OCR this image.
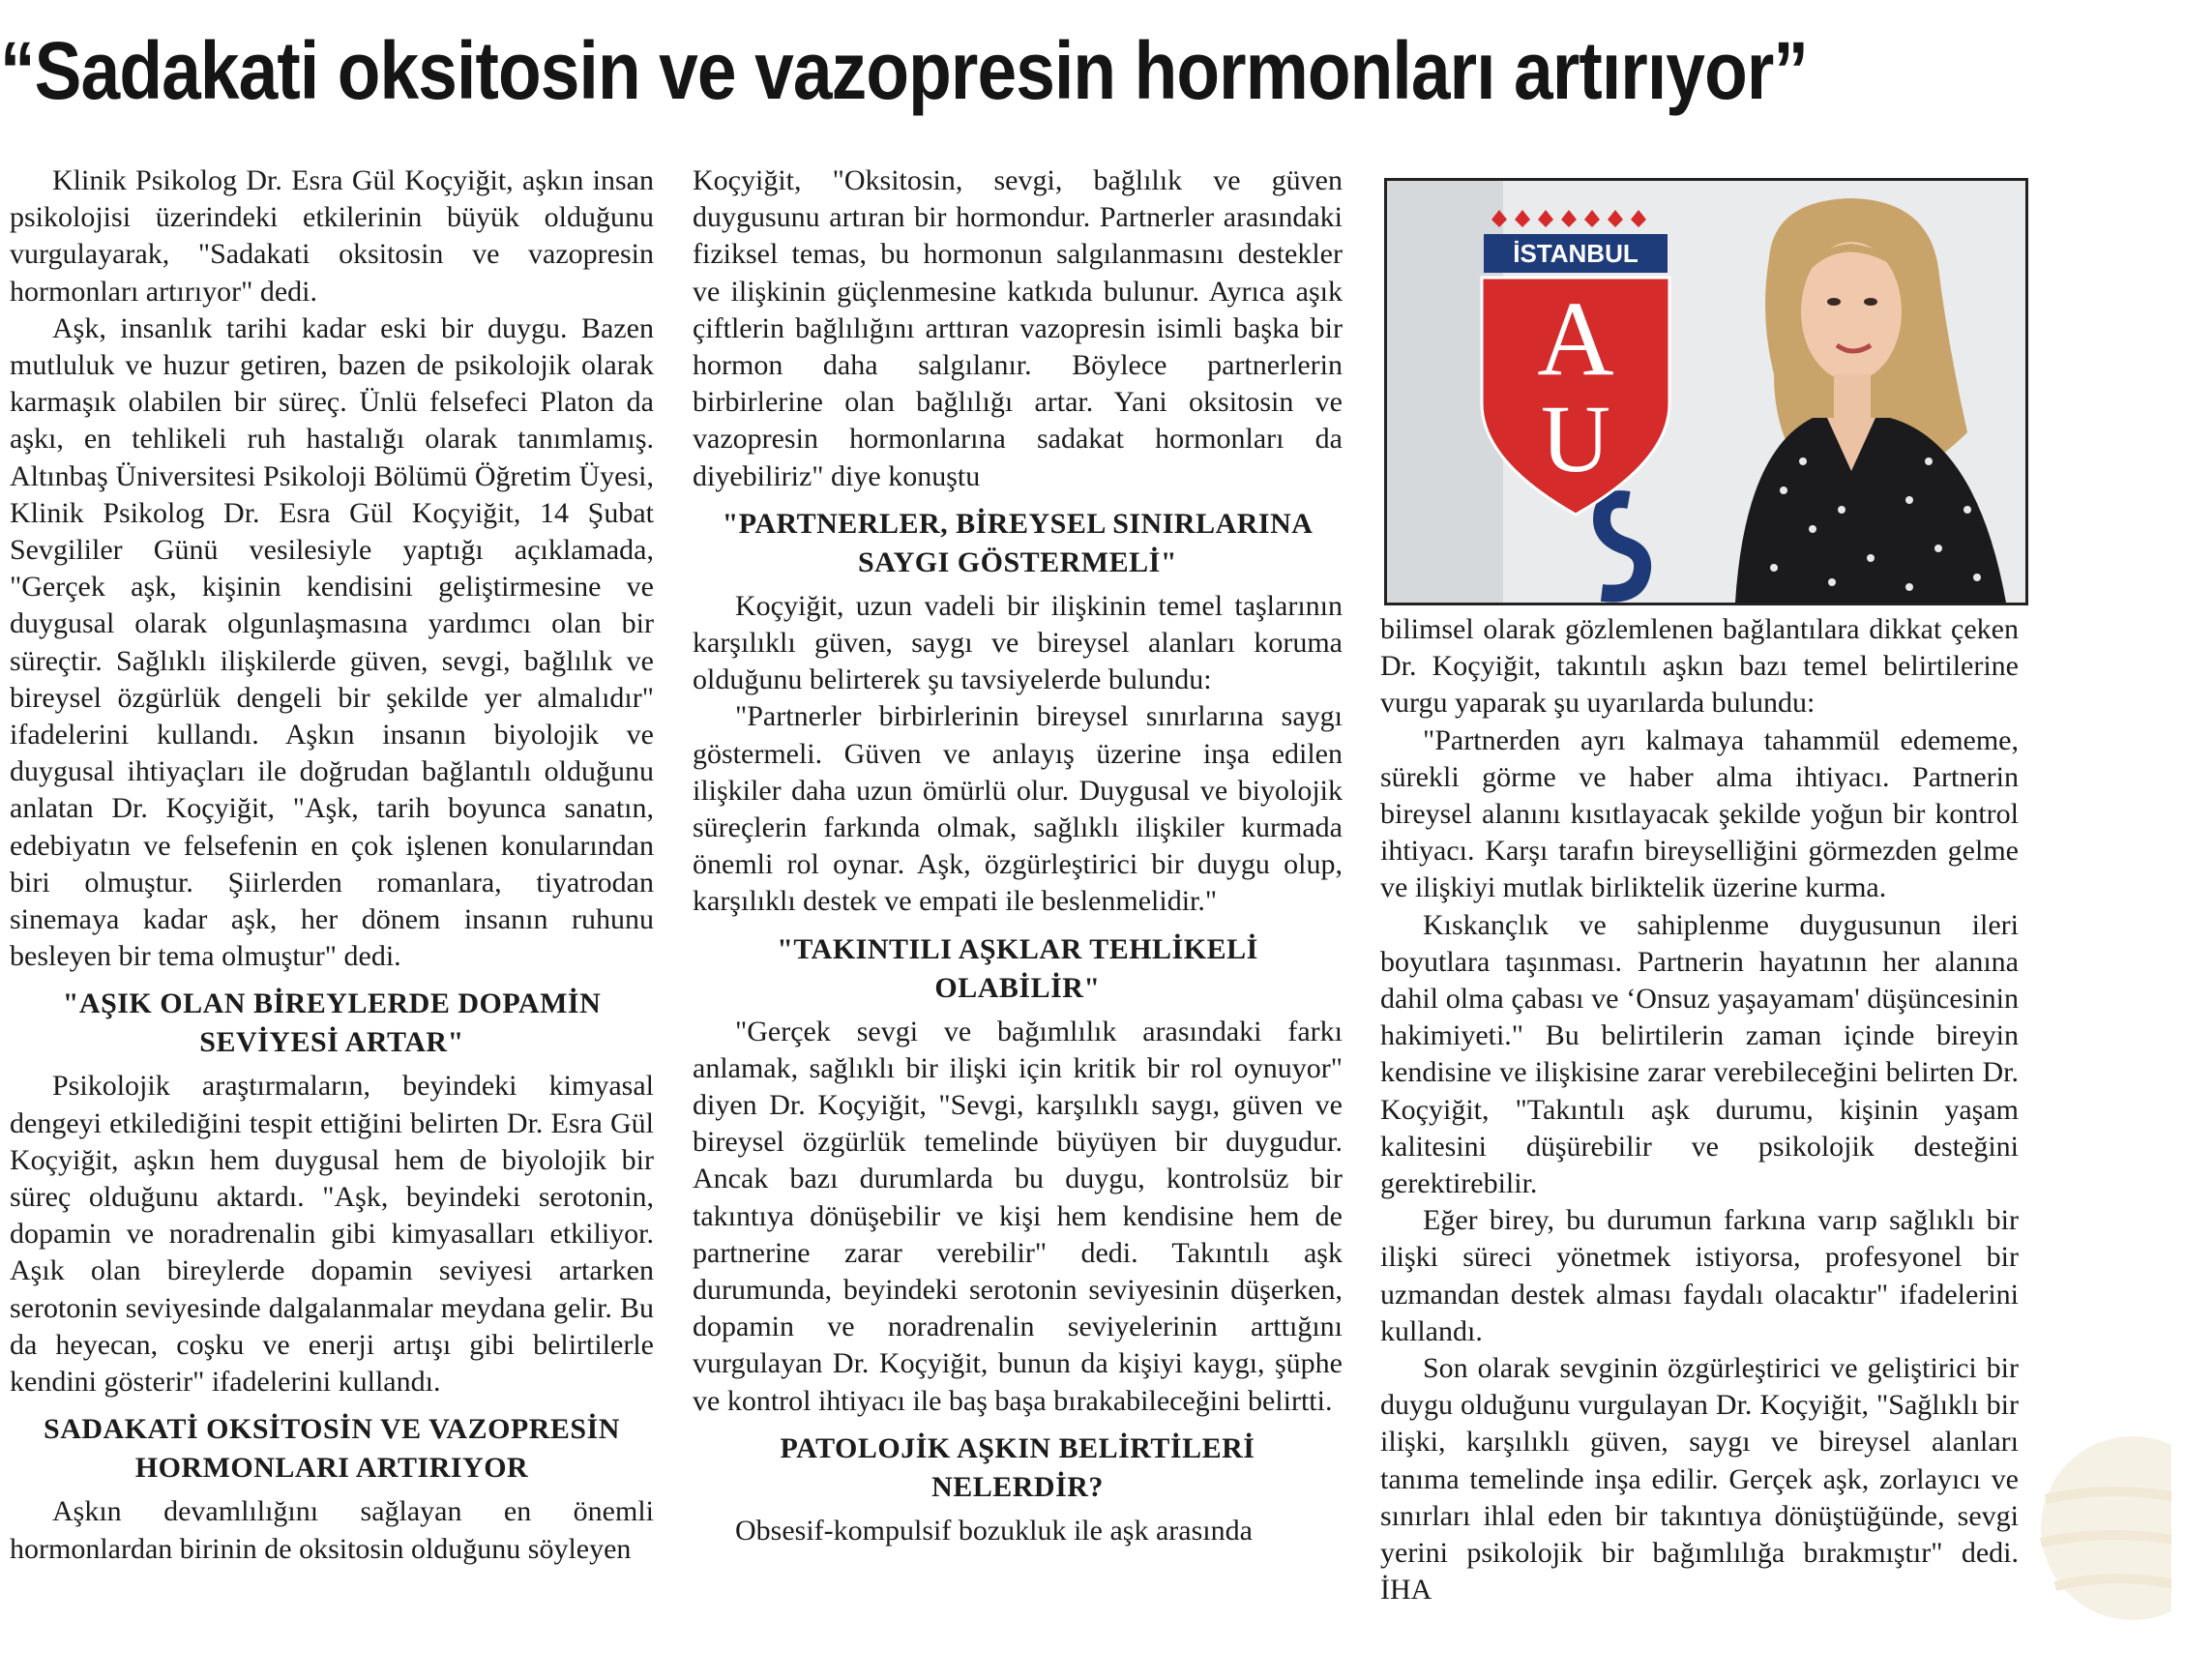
“Sadakati oksitosin ve vazopresin hormonları artırıyor”

Klinik Psikolog Dr. Esra Gül Koçyiğit, aşkın insan psikolojisi üzerindeki etkilerinin büyük olduğunu vurgulayarak, "Sadakati oksitosin ve vazopresin hormonları artırıyor" dedi.

Aşk, insanlık tarihi kadar eski bir duygu. Bazen mutluluk ve huzur getiren, bazen de psikolojik olarak karmaşık olabilen bir süreç. Ünlü felsefeci Platon da aşkı, en tehlikeli ruh hastalığı olarak tanımlamış. Altınbaş Üniversitesi Psikoloji Bölümü Öğretim Üyesi, Klinik Psikolog Dr. Esra Gül Koçyiğit, 14 Şubat Sevgililer Günü vesilesiyle yaptığı açıklamada, "Gerçek aşk, kişinin kendisini geliştirmesine ve duygusal olarak olgunlaşmasına yardımcı olan bir süreçtir. Sağlıklı ilişkilerde güven, sevgi, bağlılık ve bireysel özgürlük dengeli bir şekilde yer almalıdır" ifadelerini kullandı. Aşkın insanın biyolojik ve duygusal ihtiyaçları ile doğrudan bağlantılı olduğunu anlatan Dr. Koçyiğit, "Aşk, tarih boyunca sanatın, edebiyatın ve felsefenin en çok işlenen konularından biri olmuştur. Şiirlerden romanlara, tiyatrodan sinemaya kadar aşk, her dönem insanın ruhunu besleyen bir tema olmuştur" dedi.

"AŞIK OLAN BİREYLERDE DOPAMİN SEVİYESİ ARTAR"

Psikolojik araştırmaların, beyindeki kimyasal dengeyi etkilediğini tespit ettiğini belirten Dr. Esra Gül Koçyiğit, aşkın hem duygusal hem de biyolojik bir süreç olduğunu aktardı. "Aşk, beyindeki serotonin, dopamin ve noradrenalin gibi kimyasalları etkiliyor. Aşık olan bireylerde dopamin seviyesi artarken serotonin seviyesinde dalgalanmalar meydana gelir. Bu da heyecan, coşku ve enerji artışı gibi belirtilerle kendini gösterir" ifadelerini kullandı.

SADAKATİ OKSİTOSİN VE VAZOPRESİN HORMONLARI ARTIRIYOR

Aşkın devamlılığını sağlayan en önemli hormonlardan birinin de oksitosin olduğunu söyleyen

Koçyiğit, "Oksitosin, sevgi, bağlılık ve güven duygusunu artıran bir hormondur. Partnerler arasındaki fiziksel temas, bu hormonun salgılanmasını destekler ve ilişkinin güçlenmesine katkıda bulunur. Ayrıca aşık çiftlerin bağlılığını arttıran vazopresin isimli başka bir hormon daha salgılanır. Böylece partnerlerin birbirlerine olan bağlılığı artar. Yani oksitosin ve vazopresin hormonlarına sadakat hormonları da diyebiliriz" diye konuştu

"PARTNERLER, BİREYSEL SINIRLARINA SAYGI GÖSTERMELİ"

Koçyiğit, uzun vadeli bir ilişkinin temel taşlarının karşılıklı güven, saygı ve bireysel alanları koruma olduğunu belirterek şu tavsiyelerde bulundu:

"Partnerler birbirlerinin bireysel sınırlarına saygı göstermeli. Güven ve anlayış üzerine inşa edilen ilişkiler daha uzun ömürlü olur. Duygusal ve biyolojik süreçlerin farkında olmak, sağlıklı ilişkiler kurmada önemli rol oynar. Aşk, özgürleştirici bir duygu olup, karşılıklı destek ve empati ile beslenmelidir."

"TAKINTILI AŞKLAR TEHLİKELİ OLABİLİR"

"Gerçek sevgi ve bağımlılık arasındaki farkı anlamak, sağlıklı bir ilişki için kritik bir rol oynuyor" diyen Dr. Koçyiğit, "Sevgi, karşılıklı saygı, güven ve bireysel özgürlük temelinde büyüyen bir duygudur. Ancak bazı durumlarda bu duygu, kontrolsüz bir takıntıya dönüşebilir ve kişi hem kendisine hem de partnerine zarar verebilir" dedi. Takıntılı aşk durumunda, beyindeki serotonin seviyesinin düşerken, dopamin ve noradrenalin seviyelerinin arttığını vurgulayan Dr. Koçyiğit, bunun da kişiyi kaygı, şüphe ve kontrol ihtiyacı ile baş başa bırakabileceğini belirtti.

PATOLOJİK AŞKIN BELİRTİLERİ NELERDİR?

Obsesif-kompulsif bozukluk ile aşk arasında

İSTANBUL
A
U

bilimsel olarak gözlemlenen bağlantılara dikkat çeken Dr. Koçyiğit, takıntılı aşkın bazı temel belirtilerine vurgu yaparak şu uyarılarda bulundu:

"Partnerden ayrı kalmaya tahammül edememe, sürekli görme ve haber alma ihtiyacı. Partnerin bireysel alanını kısıtlayacak şekilde yoğun bir kontrol ihtiyacı. Karşı tarafın bireyselliğini görmezden gelme ve ilişkiyi mutlak birliktelik üzerine kurma.

Kıskançlık ve sahiplenme duygusunun ileri boyutlara taşınması. Partnerin hayatının her alanına dahil olma çabası ve ‘Onsuz yaşayamam' düşüncesinin hakimiyeti." Bu belirtilerin zaman içinde bireyin kendisine ve ilişkisine zarar verebileceğini belirten Dr. Koçyiğit, "Takıntılı aşk durumu, kişinin yaşam kalitesini düşürebilir ve psikolojik desteğini gerektirebilir.

Eğer birey, bu durumun farkına varıp sağlıklı bir ilişki süreci yönetmek istiyorsa, profesyonel bir uzmandan destek alması faydalı olacaktır" ifadelerini kullandı.

Son olarak sevginin özgürleştirici ve geliştirici bir duygu olduğunu vurgulayan Dr. Koçyiğit, "Sağlıklı bir ilişki, karşılıklı güven, saygı ve bireysel alanları tanıma temelinde inşa edilir. Gerçek aşk, zorlayıcı ve sınırları ihlal eden bir takıntıya dönüştüğünde, sevgi yerini psikolojik bir bağımlılığa bırakmıştır" dedi. İHA
